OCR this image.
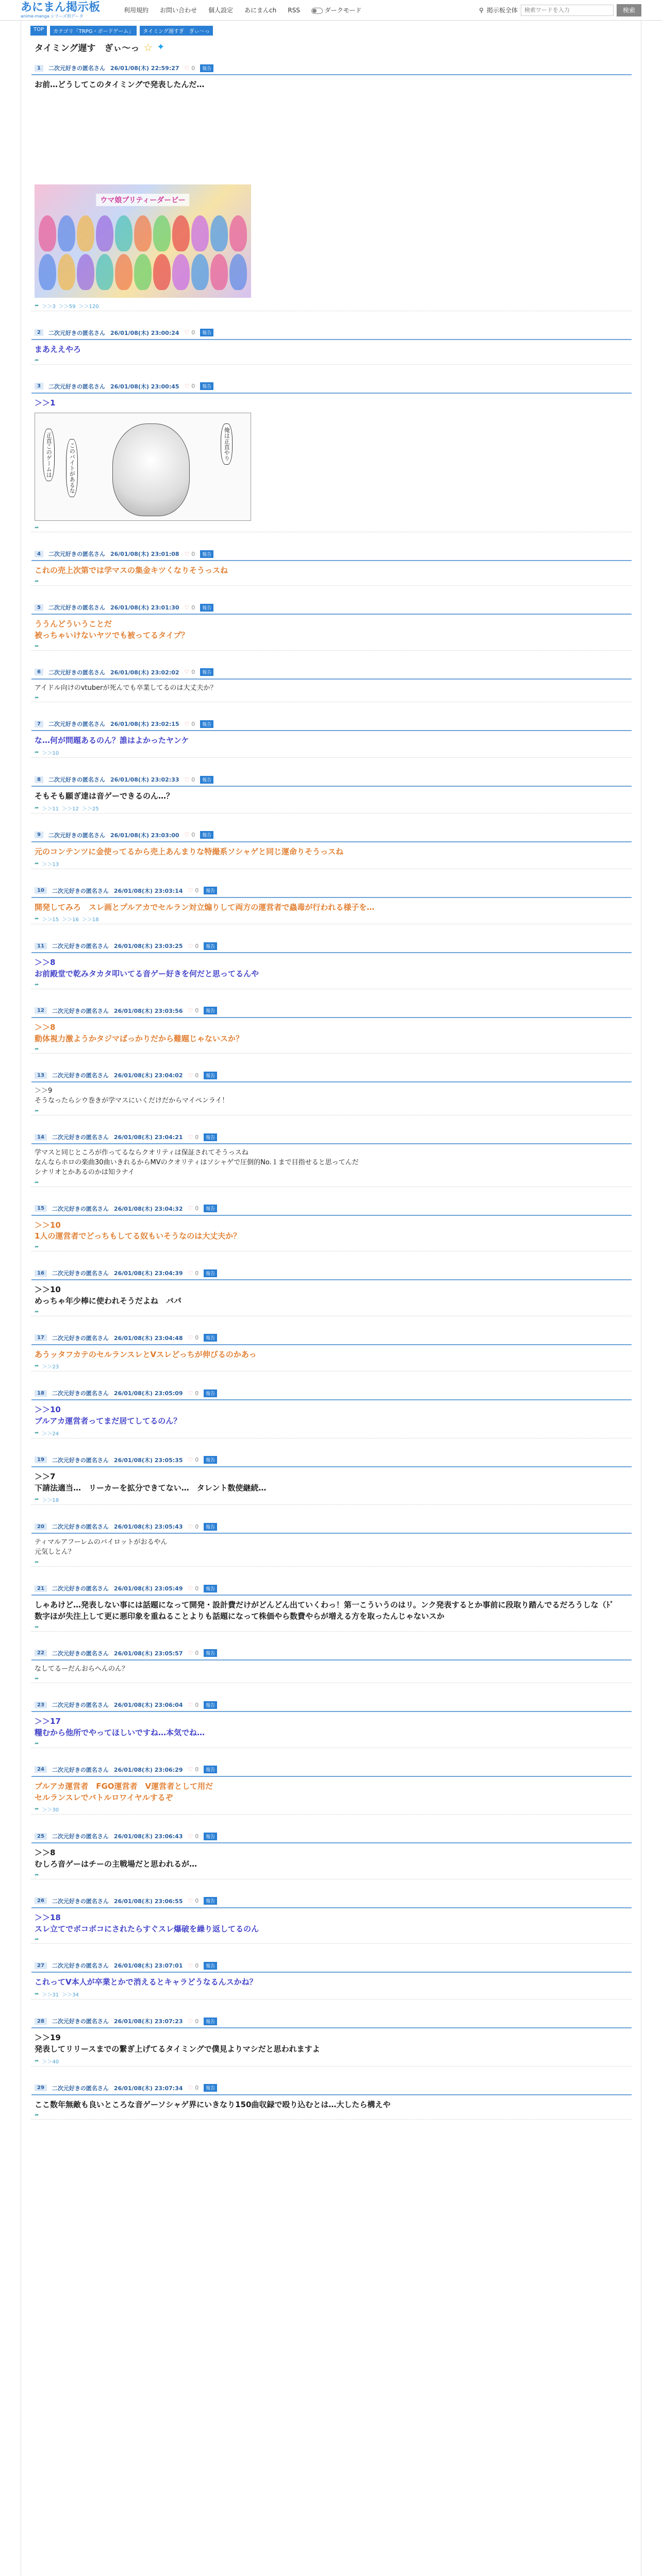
あにまん掲示板
anime-manga シリーズ用データ
利用規約 お問い合わせ 個人設定 あにまんch RSS	ダークモード	⚲ 掲示板全体
検索ワードを入力	検索
TOP	カテゴリ「TRPG・ボードゲーム」	タイミング遅すぎ　ぎぃ〜っ
タイミング遅す　ぎぃ〜っ ☆ ✦
1	二次元好きの匿名さん 26/01/08(木) 22:59:27 ♡ 0	報告
お前…どうしてこのタイミングで発表したんだ…
ウマ娘プリティーダービー
➦ ＞＞3 ＞＞59 ＞＞120
2	二次元好きの匿名さん 26/01/08(木) 23:00:24 ♡ 0	報告
まあええやろ
➦
3	二次元好きの匿名さん 26/01/08(木) 23:00:45 ♡ 0	報告
＞＞1
俺は正直やり
このバイトがあるな
正直このゲームは
➦
4	二次元好きの匿名さん 26/01/08(木) 23:01:08 ♡ 0	報告
これの売上次第では学マスの集金キツくなりそうっスね
➦
5	二次元好きの匿名さん 26/01/08(木) 23:01:30 ♡ 0	報告
ううんどういうことだ
被っちゃいけないヤツでも被ってるタイプ？
➦
6	二次元好きの匿名さん 26/01/08(木) 23:02:02 ♡ 0	報告
アイドル向けのvtuberが死んでも卒業してるのは大丈夫か？
➦
7	二次元好きの匿名さん 26/01/08(木) 23:02:15 ♡ 0	報告
な…何が問題あるのん？誰はよかったヤンケ
➦ ＞＞10
8	二次元好きの匿名さん 26/01/08(木) 23:02:33 ♡ 0	報告
そもそも願ぎ達は音ゲーできるのん…？
➦ ＞＞11 ＞＞12 ＞＞25
9	二次元好きの匿名さん 26/01/08(木) 23:03:00 ♡ 0	報告
元のコンテンツに金使ってるから売上あんまりな特撮系ソシャゲと同じ運命りそうっスね
➦ ＞＞13
10	二次元好きの匿名さん 26/01/08(木) 23:03:14 ♡ 0	報告
開発してみろ　スレ画とプルアカでセルラン対立煽りして両方の運営者で蟲毒が行われる様子を…
➦ ＞＞15 ＞＞16 ＞＞18
11	二次元好きの匿名さん 26/01/08(木) 23:03:25 ♡ 0	報告
＞＞8
お前殿堂で乾みタカタ叩いてる音ゲー好きを何だと思ってるんや
➦
12	二次元好きの匿名さん 26/01/08(木) 23:03:56 ♡ 0	報告
＞＞8
動体視力激ようかタジマばっかりだから難題じゃないスか？
➦
13	二次元好きの匿名さん 26/01/08(木) 23:04:02 ♡ 0	報告
＞＞9
そうなったらシウ巻きが学マスにいくだけだからマイペンライ！
➦
14	二次元好きの匿名さん 26/01/08(木) 23:04:21 ♡ 0	報告
学マスと同じところが作ってるならクオリティは保証されてそうっスね
なんならホロの楽曲30曲いきれるからMVのクオリティはソシャゲで圧倒的No.１まで目指せると思ってんだ
シナリオとかあるのかは知ラナイ
➦
15	二次元好きの匿名さん 26/01/08(木) 23:04:32 ♡ 0	報告
＞＞10
1人の運営者でどっちもしてる奴もいそうなのは大丈夫か？
➦
16	二次元好きの匿名さん 26/01/08(木) 23:04:39 ♡ 0	報告
＞＞10
めっちゃ年少棒に使われそうだよね　バパ
➦
17	二次元好きの匿名さん 26/01/08(木) 23:04:48 ♡ 0	報告
あうッタフカテのセルランスレとVスレどっちが伸びるのかあっ
➦ ＞＞23
18	二次元好きの匿名さん 26/01/08(木) 23:05:09 ♡ 0	報告
＞＞10
ブルアカ運営者ってまだ居てしてるのん？
➦ ＞＞24
19	二次元好きの匿名さん 26/01/08(木) 23:05:35 ♡ 0	報告
＞＞7
下請法適当…　リーカーを拡分できてない…　タレント数使継続…
➦ ＞＞18
20	二次元好きの匿名さん 26/01/08(木) 23:05:43 ♡ 0	報告
ティマルアフーレムのパイロットがおるやん
元気しとん？
➦
21	二次元好きの匿名さん 26/01/08(木) 23:05:49 ♡ 0	報告
しゃあけど…発表しない事には話題になって開発・設計費だけがどんどん出ていくわっ！第一こういうのはリ。ンク発表するとか事前に段取り踏んでるだろうしな（ﾄﾞ
数字ほが失注上して更に悪印象を重ねることよりも話題になって株価やら数費やらが増える方を取ったんじゃないスか
➦
22	二次元好きの匿名さん 26/01/08(木) 23:05:57 ♡ 0	報告
なしてるーだんおらへんのん？
➦
23	二次元好きの匿名さん 26/01/08(木) 23:06:04 ♡ 0	報告
＞＞17
糧むから他所でやってほしいですね…本気でね…
➦
24	二次元好きの匿名さん 26/01/08(木) 23:06:29 ♡ 0	報告
ブルアカ運営者　FGO運営者　V運営者として用だ
セルランスレでバトルロワイヤルするぞ
➦ ＞＞30
25	二次元好きの匿名さん 26/01/08(木) 23:06:43 ♡ 0	報告
＞＞8
むしろ音ゲーはチーの主戦場だと思われるが…
➦
26	二次元好きの匿名さん 26/01/08(木) 23:06:55 ♡ 0	報告
＞＞18
スレ立てでボコボコにされたらすぐスレ爆破を繰り返してるのん
➦
27	二次元好きの匿名さん 26/01/08(木) 23:07:01 ♡ 0	報告
これってV本人が卒業とかで消えるとキャラどうなるんスかね？
➦ ＞＞31 ＞＞34
28	二次元好きの匿名さん 26/01/08(木) 23:07:23 ♡ 0	報告
＞＞19
発表してリリースまでの繋ぎ上げてるタイミングで僕見よりマシだと思われますよ
➦ ＞＞40
29	二次元好きの匿名さん 26/01/08(木) 23:07:34 ♡ 0	報告
ここ数年無敵も良いところな音ゲーソシャゲ界にいきなり150曲収録で殴り込むとは…大したら構えや
➦
